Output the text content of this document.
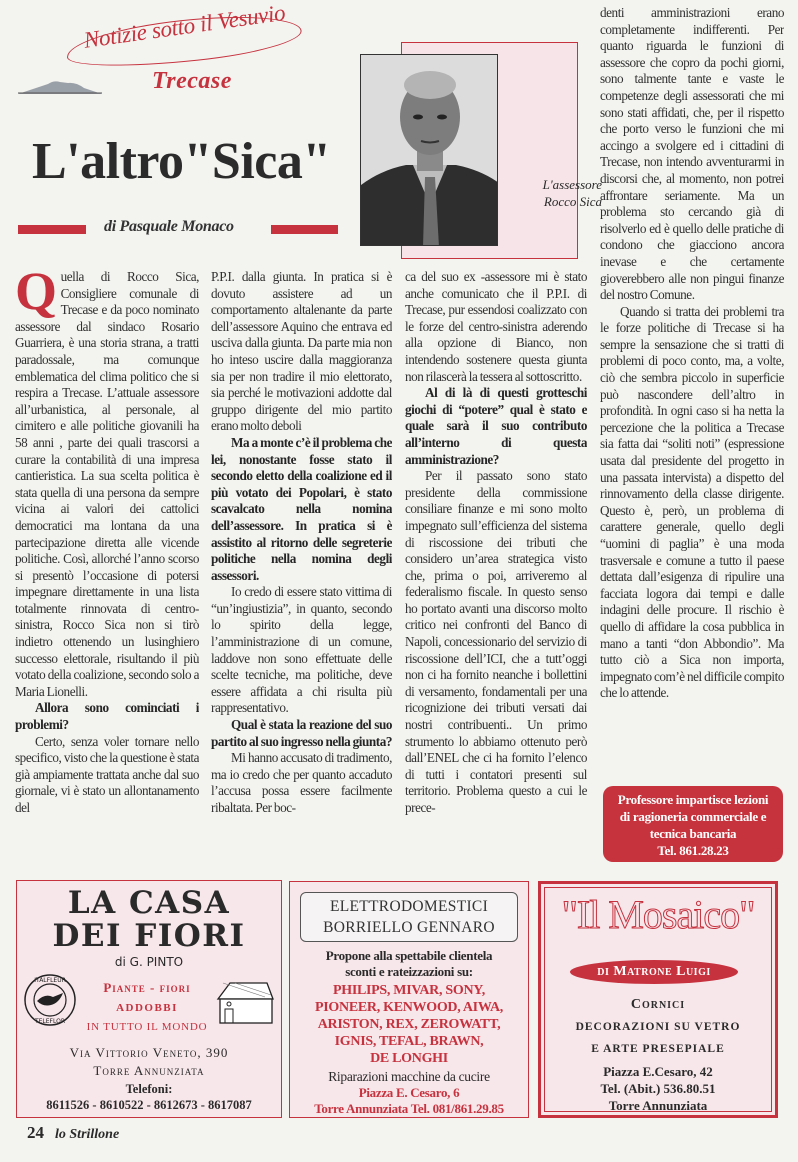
Notizie sotto il Vesuvio
Trecase
L'altro"Sica"
di Pasquale Monaco
L'assessore
Rocco Sica

Quella di Rocco Sica, Consigliere comunale di Trecase e da poco nominato assessore dal sindaco Rosario Guarriera, è una storia strana, a tratti paradossale, ma comunque emblematica del clima politico che si respira a Trecase. L’attuale assessore all’urbanistica, al personale, al cimitero e alle politiche giovanili ha 58 anni , parte dei quali trascorsi a curare la contabilità di una impresa cantieristica. La sua scelta politica è stata quella di una persona da sempre vicina ai valori dei cattolici democratici ma lontana da una partecipazione diretta alle vicende politiche. Così, allorché l’anno scorso si presentò l’occasione di potersi impegnare direttamente in una lista totalmente rinnovata di centro-sinistra, Rocco Sica non si tirò indietro ottenendo un lusinghiero successo elettorale, risultando il più votato della coalizione, secondo solo a Maria Lionelli.

Allora sono cominciati i problemi?

Certo, senza voler tornare nello specifico, visto che la questione è stata già ampiamente trattata anche dal suo giornale, vi è stato un allontanamento del

P.P.I. dalla giunta. In pratica si è dovuto assistere ad un comportamento altalenante da parte dell’assessore Aquino che entrava ed usciva dalla giunta. Da parte mia non ho inteso uscire dalla maggioranza sia per non tradire il mio elettorato, sia perché le motivazioni addotte dal gruppo dirigente del mio partito erano molto deboli

Ma a monte c’è il problema che lei, nonostante fosse stato il secondo eletto della coalizione ed il più votato dei Popolari, è stato scavalcato nella nomina dell’assessore. In pratica si è assistito al ritorno delle segreterie politiche nella nomina degli assessori.

Io credo di essere stato vittima di “un’ingiustizia”, in quanto, secondo lo spirito della legge, l’amministrazione di un comune, laddove non sono effettuate delle scelte tecniche, ma politiche, deve essere affidata a chi risulta più rappresentativo.

Qual è stata la reazione del suo partito al suo ingresso nella giunta?

Mi hanno accusato di tradimento, ma io credo che per quanto accaduto l’accusa possa essere facilmente ribaltata. Per boc-

ca del suo ex -assessore mi è stato anche comunicato che il P.P.I. di Trecase, pur essendosi coalizzato con le forze del centro-sinistra aderendo alla opzione di Bianco, non intendendo sostenere questa giunta non rilascerà la tessera al sottoscritto.

Al di là di questi grotteschi giochi di “potere” qual è stato e quale sarà il suo contributo all’interno di questa amministrazione?

Per il passato sono stato presidente della commissione consiliare finanze e mi sono molto impegnato sull’efficienza del sistema di riscossione dei tributi che considero un’area strategica visto che, prima o poi, arriveremo al federalismo fiscale. In questo senso ho portato avanti una discorso molto critico nei confronti del Banco di Napoli, concessionario del servizio di riscossione dell’ICI, che a tutt’oggi non ci ha fornito neanche i bollettini di versamento, fondamentali per una ricognizione dei tributi versati dai nostri contribuenti.. Un primo strumento lo abbiamo ottenuto però dall’ENEL che ci ha fornito l’elenco di tutti i contatori presenti sul territorio. Problema questo a cui le prece-

denti amministrazioni erano completamente indifferenti. Per quanto riguarda le funzioni di assessore che copro da pochi giorni, sono talmente tante e vaste le competenze degli assessorati che mi sono stati affidati, che, per il rispetto che porto verso le funzioni che mi accingo a svolgere ed i cittadini di Trecase, non intendo avventurarmi in discorsi che, al momento, non potrei affrontare seriamente. Ma un problema sto cercando già di risolverlo ed è quello delle pratiche di condono che giacciono ancora inevase e che certamente gioverebbero alle non pingui finanze del nostro Comune.

Quando si tratta dei problemi tra le forze politiche di Trecase si ha sempre la sensazione che si tratti di problemi di poco conto, ma, a volte, ciò che sembra piccolo in superficie può nascondere dell’altro in profondità. In ogni caso si ha netta la percezione che la politica a Trecase sia fatta dai “soliti noti” (espressione usata dal presidente del progetto in una passata intervista) a dispetto del rinnovamento della classe dirigente. Questo è, però, un problema di carattere generale, quello degli “uomini di paglia” è una moda trasversale e comune a tutto il paese dettata dall’esigenza di ripulire una facciata logora dai tempi e dalle indagini delle procure. Il rischio è quello di affidare la cosa pubblica in mano a tanti “don Abbondio”. Ma tutto ciò a Sica non importa, impegnato com’è nel difficile compito che lo attende.

Professore impartisce lezioni
di ragioneria commerciale e
tecnica bancaria
Tel. 861.28.23
LA CASA
DEI FIORI
di G. PINTO
ITALFLEUR
TELEFLOR
Piante - fiori
ADDOBBI
IN TUTTO IL MONDO
Via Vittorio Veneto, 390
Torre Annunziata
Telefoni:
8611526 - 8610522 - 8612673 - 8617087
ELETTRODOMESTICI
BORRIELLO GENNARO
Propone alla spettabile clientela
sconti e rateizzazioni su:
PHILIPS, MIVAR, SONY,
PIONEER, KENWOOD, AIWA,
ARISTON, REX, ZEROWATT,
IGNIS, TEFAL, BRAWN,
DE LONGHI
Riparazioni macchine da cucire
Piazza E. Cesaro, 6
Torre Annunziata Tel. 081/861.29.85
"Il Mosaico"
di Matrone Luigi
Cornici
DECORAZIONI SU VETRO
E ARTE PRESEPIALE
Piazza E.Cesaro, 42
Tel. (Abit.) 536.80.51
Torre Annunziata
24 lo Strillone
